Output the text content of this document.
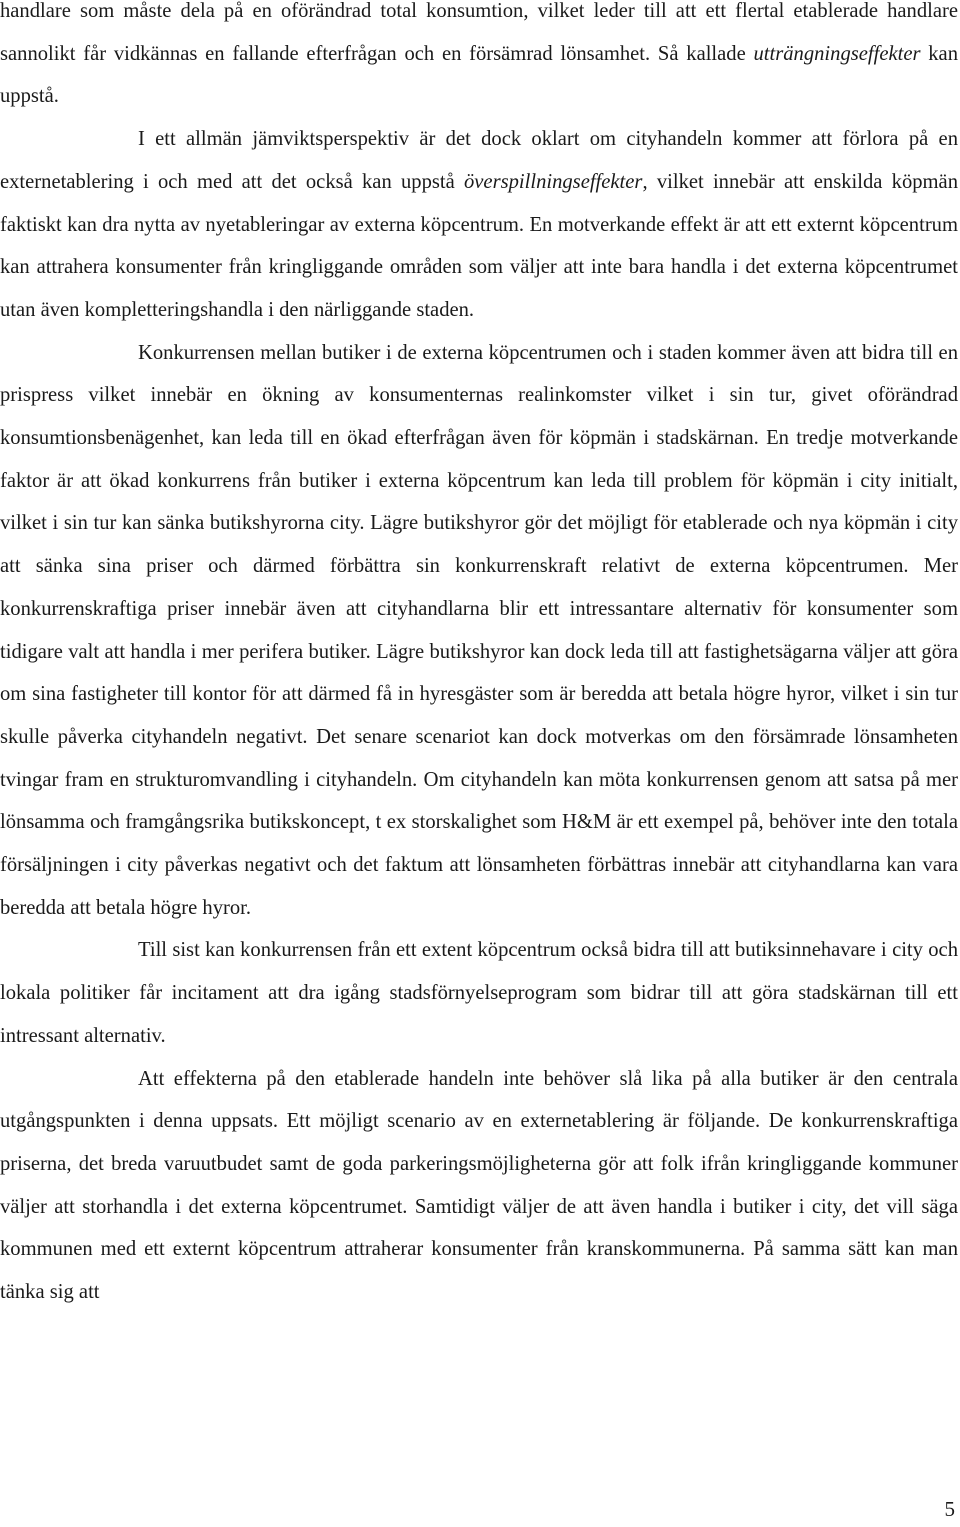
handlare som måste dela på en oförändrad total konsumtion, vilket leder till att ett flertal etablerade handlare sannolikt får vidkännas en fallande efterfrågan och en försämrad lönsamhet. Så kallade utträngningseffekter kan uppstå.

I ett allmän jämviktsperspektiv är det dock oklart om cityhandeln kommer att förlora på en externetablering i och med att det också kan uppstå överspillningseffekter, vilket innebär att enskilda köpmän faktiskt kan dra nytta av nyetableringar av externa köpcentrum. En motverkande effekt är att ett externt köpcentrum kan attrahera konsumenter från kringliggande områden som väljer att inte bara handla i det externa köpcentrumet utan även kompletteringshandla i den närliggande staden.

Konkurrensen mellan butiker i de externa köpcentrumen och i staden kommer även att bidra till en prispress vilket innebär en ökning av konsumenternas realinkomster vilket i sin tur, givet oförändrad konsumtionsbenägenhet, kan leda till en ökad efterfrågan även för köpmän i stadskärnan. En tredje motverkande faktor är att ökad konkurrens från butiker i externa köpcentrum kan leda till problem för köpmän i city initialt, vilket i sin tur kan sänka butikshyrorna city. Lägre butikshyror gör det möjligt för etablerade och nya köpmän i city att sänka sina priser och därmed förbättra sin konkurrenskraft relativt de externa köpcentrumen. Mer konkurrenskraftiga priser innebär även att cityhandlarna blir ett intressantare alternativ för konsumenter som tidigare valt att handla i mer perifera butiker. Lägre butikshyror kan dock leda till att fastighetsägarna väljer att göra om sina fastigheter till kontor för att därmed få in hyresgäster som är beredda att betala högre hyror, vilket i sin tur skulle påverka cityhandeln negativt. Det senare scenariot kan dock motverkas om den försämrade lönsamheten tvingar fram en strukturomvandling i cityhandeln. Om cityhandeln kan möta konkurrensen genom att satsa på mer lönsamma och framgångsrika butikskoncept, t ex storskalighet som H&M är ett exempel på, behöver inte den totala försäljningen i city påverkas negativt och det faktum att lönsamheten förbättras innebär att cityhandlarna kan vara beredda att betala högre hyror.

Till sist kan konkurrensen från ett extent köpcentrum också bidra till att butiksinnehavare i city och lokala politiker får incitament att dra igång stadsförnyelseprogram som bidrar till att göra stadskärnan till ett intressant alternativ.

Att effekterna på den etablerade handeln inte behöver slå lika på alla butiker är den centrala utgångspunkten i denna uppsats. Ett möjligt scenario av en externetablering är följande. De konkurrenskraftiga priserna, det breda varuutbudet samt de goda parkeringsmöjligheterna gör att folk ifrån kringliggande kommuner väljer att storhandla i det externa köpcentrumet. Samtidigt väljer de att även handla i butiker i city, det vill säga kommunen med ett externt köpcentrum attraherar konsumenter från kranskommunerna. På samma sätt kan man tänka sig att

5
